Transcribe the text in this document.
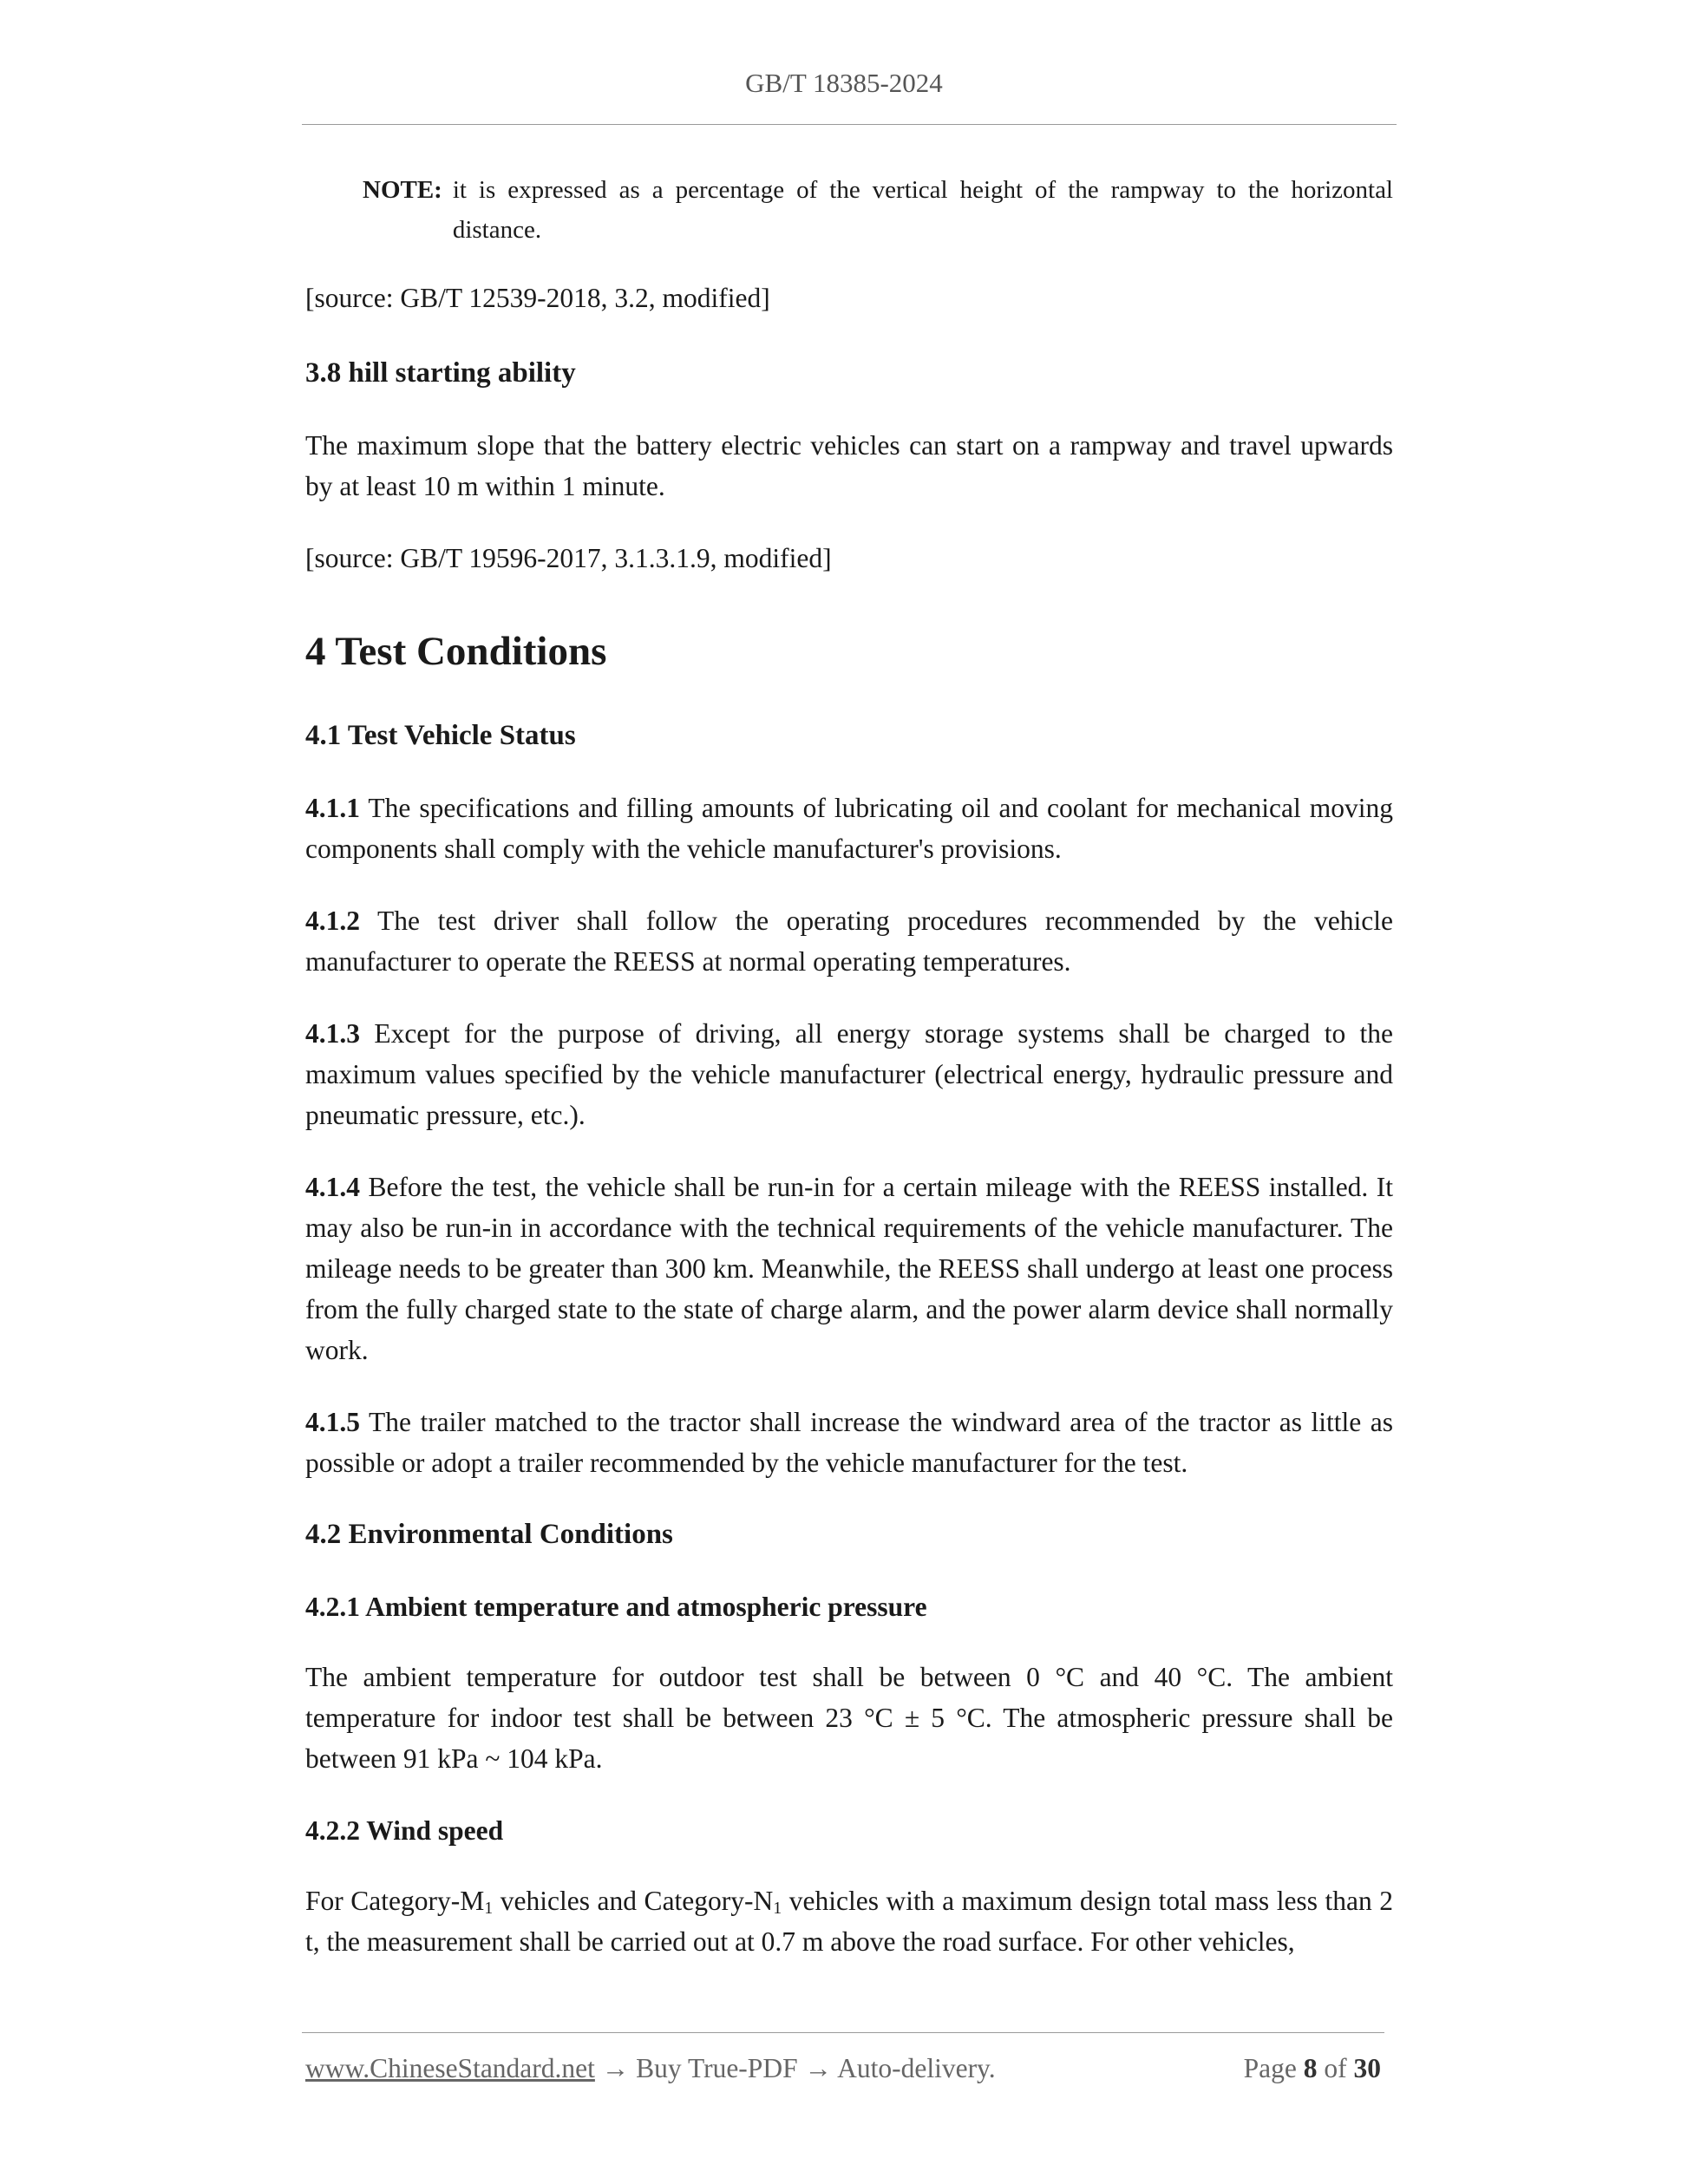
GB/T 18385-2024
NOTE: it is expressed as a percentage of the vertical height of the rampway to the horizontal distance.

[source: GB/T 12539-2018, 3.2, modified]

3.8 hill starting ability

The maximum slope that the battery electric vehicles can start on a rampway and travel upwards by at least 10 m within 1 minute.

[source: GB/T 19596-2017, 3.1.3.1.9, modified]

4 Test Conditions
4.1 Test Vehicle Status

4.1.1 The specifications and filling amounts of lubricating oil and coolant for mechanical moving components shall comply with the vehicle manufacturer's provisions.

4.1.2 The test driver shall follow the operating procedures recommended by the vehicle manufacturer to operate the REESS at normal operating temperatures.

4.1.3 Except for the purpose of driving, all energy storage systems shall be charged to the maximum values specified by the vehicle manufacturer (electrical energy, hydraulic pressure and pneumatic pressure, etc.).

4.1.4 Before the test, the vehicle shall be run-in for a certain mileage with the REESS installed. It may also be run-in in accordance with the technical requirements of the vehicle manufacturer. The mileage needs to be greater than 300 km. Meanwhile, the REESS shall undergo at least one process from the fully charged state to the state of charge alarm, and the power alarm device shall normally work.

4.1.5 The trailer matched to the tractor shall increase the windward area of the tractor as little as possible or adopt a trailer recommended by the vehicle manufacturer for the test.

4.2 Environmental Conditions
4.2.1 Ambient temperature and atmospheric pressure

The ambient temperature for outdoor test shall be between 0 °C and 40 °C. The ambient temperature for indoor test shall be between 23 °C ± 5 °C. The atmospheric pressure shall be between 91 kPa ~ 104 kPa.

4.2.2 Wind speed

For Category-$M_1$ vehicles and Category-$N_1$ vehicles with a maximum design total mass less than 2 t, the measurement shall be carried out at 0.7 m above the road surface. For other vehicles,

www.ChineseStandard.net → Buy True-PDF → Auto-delivery.	Page 8 of 30
